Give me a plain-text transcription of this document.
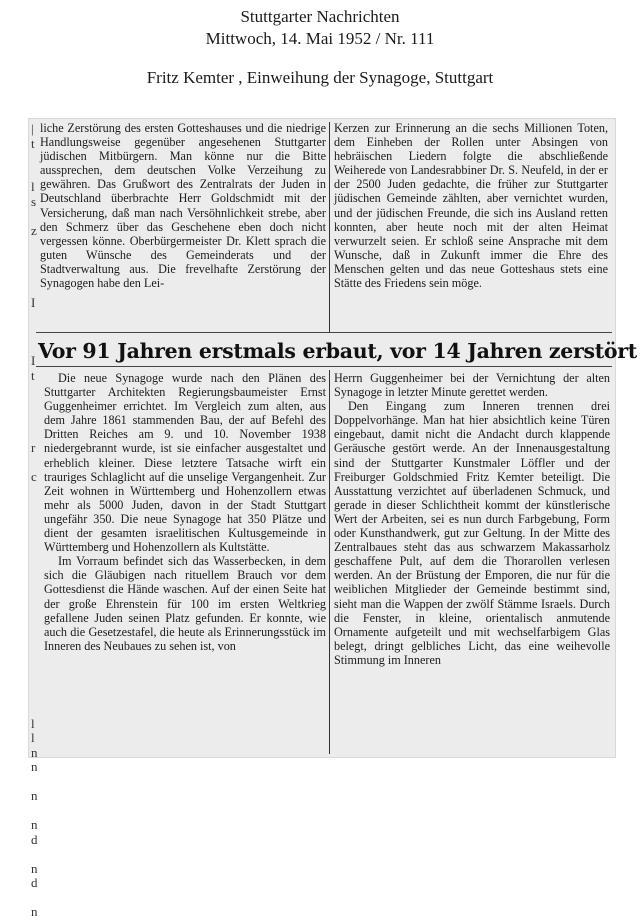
Stuttgarter Nachrichten
Mittwoch, 14. Mai 1952 / Nr. 111
Fritz Kemter , Einweihung der Synagoge, Stuttgart
|
t

l
s

z

I

I
t

r

c

l
l
n
n

n

n
d

n
d

n

liche Zerstörung des ersten Gotteshauses und die niedrige Handlungsweise gegenüber angesehenen Stuttgarter jüdischen Mitbürgern. Man könne nur die Bitte aussprechen, dem deutschen Volke Verzeihung zu gewähren. Das Grußwort des Zentralrats der Juden in Deutschland überbrachte Herr Goldschmidt mit der Versicherung, daß man nach Versöhnlichkeit strebe, aber den Schmerz über das Geschehene eben doch nicht vergessen könne. Oberbürgermeister Dr. Klett sprach die guten Wünsche des Gemeinderats und der Stadtverwaltung aus. Die frevelhafte Zerstörung der Synagogen habe den Lei-

Kerzen zur Erinnerung an die sechs Millionen Toten, dem Einheben der Rollen unter Absingen von hebräischen Liedern folgte die abschließende Weiherede von Landesrabbiner Dr. S. Neufeld, in der er der 2500 Juden gedachte, die früher zur Stuttgarter jüdischen Gemeinde zählten, aber vernichtet wurden, und der jüdischen Freunde, die sich ins Ausland retten konnten, aber heute noch mit der alten Heimat verwurzelt seien. Er schloß seine Ansprache mit dem Wunsche, daß in Zukunft immer die Ehre des Menschen gelten und das neue Gotteshaus stets eine Stätte des Friedens sein möge.

Vor 91 Jahren erstmals erbaut, vor 14 Jahren zerstört

Die neue Synagoge wurde nach den Plänen des Stuttgarter Architekten Regierungsbaumeister Ernst Guggenheimer errichtet. Im Vergleich zum alten, aus dem Jahre 1861 stammenden Bau, der auf Befehl des Dritten Reiches am 9. und 10. November 1938 niedergebrannt wurde, ist sie einfacher ausgestaltet und erheblich kleiner. Diese letztere Tatsache wirft ein trauriges Schlaglicht auf die unselige Vergangenheit. Zur Zeit wohnen in Württemberg und Hohenzollern etwas mehr als 5000 Juden, davon in der Stadt Stuttgart ungefähr 350. Die neue Synagoge hat 350 Plätze und dient der gesamten israelitischen Kultusgemeinde in Württemberg und Hohenzollern als Kultstätte.

Im Vorraum befindet sich das Wasserbecken, in dem sich die Gläubigen nach rituellem Brauch vor dem Gottesdienst die Hände waschen. Auf der einen Seite hat der große Ehrenstein für 100 im ersten Weltkrieg gefallene Juden seinen Platz gefunden. Er konnte, wie auch die Gesetzestafel, die heute als Erinnerungsstück im Inneren des Neubaues zu sehen ist, von

Herrn Guggenheimer bei der Vernichtung der alten Synagoge in letzter Minute gerettet werden.

Den Eingang zum Inneren trennen drei Doppelvorhänge. Man hat hier absichtlich keine Türen eingebaut, damit nicht die Andacht durch klappende Geräusche gestört werde. An der Innenausgestaltung sind der Stuttgarter Kunstmaler Löffler und der Freiburger Goldschmied Fritz Kemter beteiligt. Die Ausstattung verzichtet auf überladenen Schmuck, und gerade in dieser Schlichtheit kommt der künstlerische Wert der Arbeiten, sei es nun durch Farbgebung, Form oder Kunsthandwerk, gut zur Geltung. In der Mitte des Zentralbaues steht das aus schwarzem Makassarholz geschaffene Pult, auf dem die Thorarollen verlesen werden. An der Brüstung der Emporen, die nur für die weiblichen Mitglieder der Gemeinde bestimmt sind, sieht man die Wappen der zwölf Stämme Israels. Durch die Fenster, in kleine, orientalisch anmutende Ornamente aufgeteilt und mit wechselfarbigem Glas belegt, dringt gelbliches Licht, das eine weihevolle Stimmung im Inneren
